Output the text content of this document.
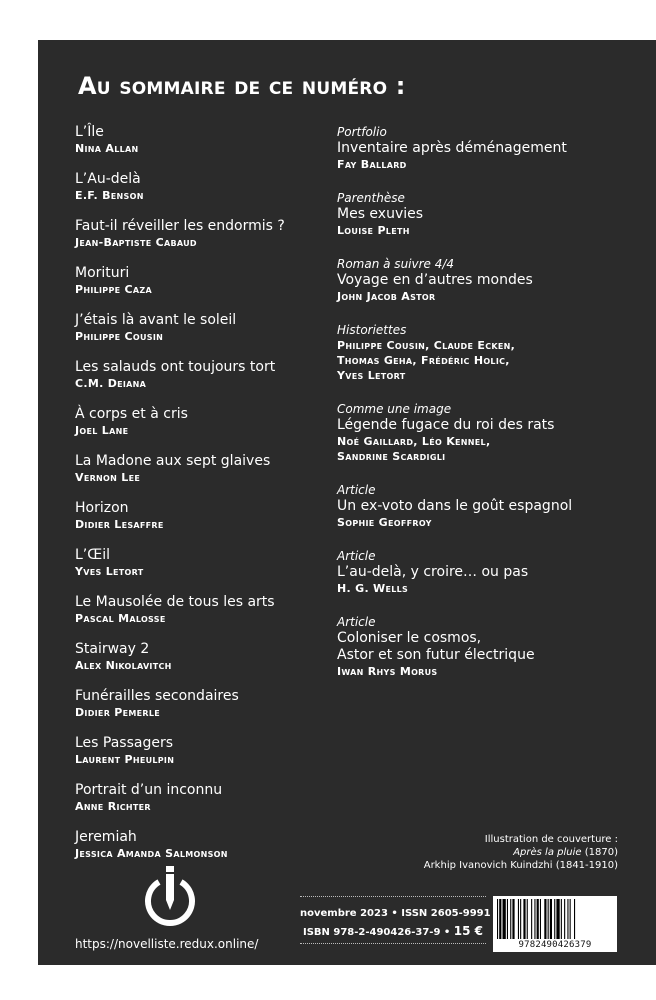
Au sommaire de ce numéro :
L’Île
Nina Allan
L’Au-delà
E.F. Benson
Faut-il réveiller les endormis ?
Jean-Baptiste Cabaud
Morituri
Philippe Caza
J’étais là avant le soleil
Philippe Cousin
Les salauds ont toujours tort
C.M. Deiana
À corps et à cris
Joel Lane
La Madone aux sept glaives
Vernon Lee
Horizon
Didier Lesaffre
L’Œil
Yves Letort
Le Mausolée de tous les arts
Pascal Malosse
Stairway 2
Alex Nikolavitch
Funérailles secondaires
Didier Pemerle
Les Passagers
Laurent Pheulpin
Portrait d’un inconnu
Anne Richter
Jeremiah
Jessica Amanda Salmonson
Portfolio
Inventaire après déménagement
Fay Ballard
Parenthèse
Mes exuvies
Louise Pleth
Roman à suivre 4/4
Voyage en d’autres mondes
John Jacob Astor
Historiettes
Philippe Cousin, Claude Ecken,
Thomas Geha, Frédéric Holic,
Yves Letort
Comme une image
Légende fugace du roi des rats
Noé Gaillard, Léo Kennel,
Sandrine Scardigli
Article
Un ex-voto dans le goût espagnol
Sophie Geoffroy
Article
L’au-delà, y croire… ou pas
H. G. Wells
Article
Coloniser le cosmos,
Astor et son futur électrique
Iwan Rhys Morus
Illustration de couverture :
Après la pluie (1870)
Arkhip Ivanovich Kuindzhi (1841-1910)
https://novelliste.redux.online/
novembre 2023 • ISSN 2605-9991
ISBN 978-2-490426-37-9 • 15 €
9782490426379
